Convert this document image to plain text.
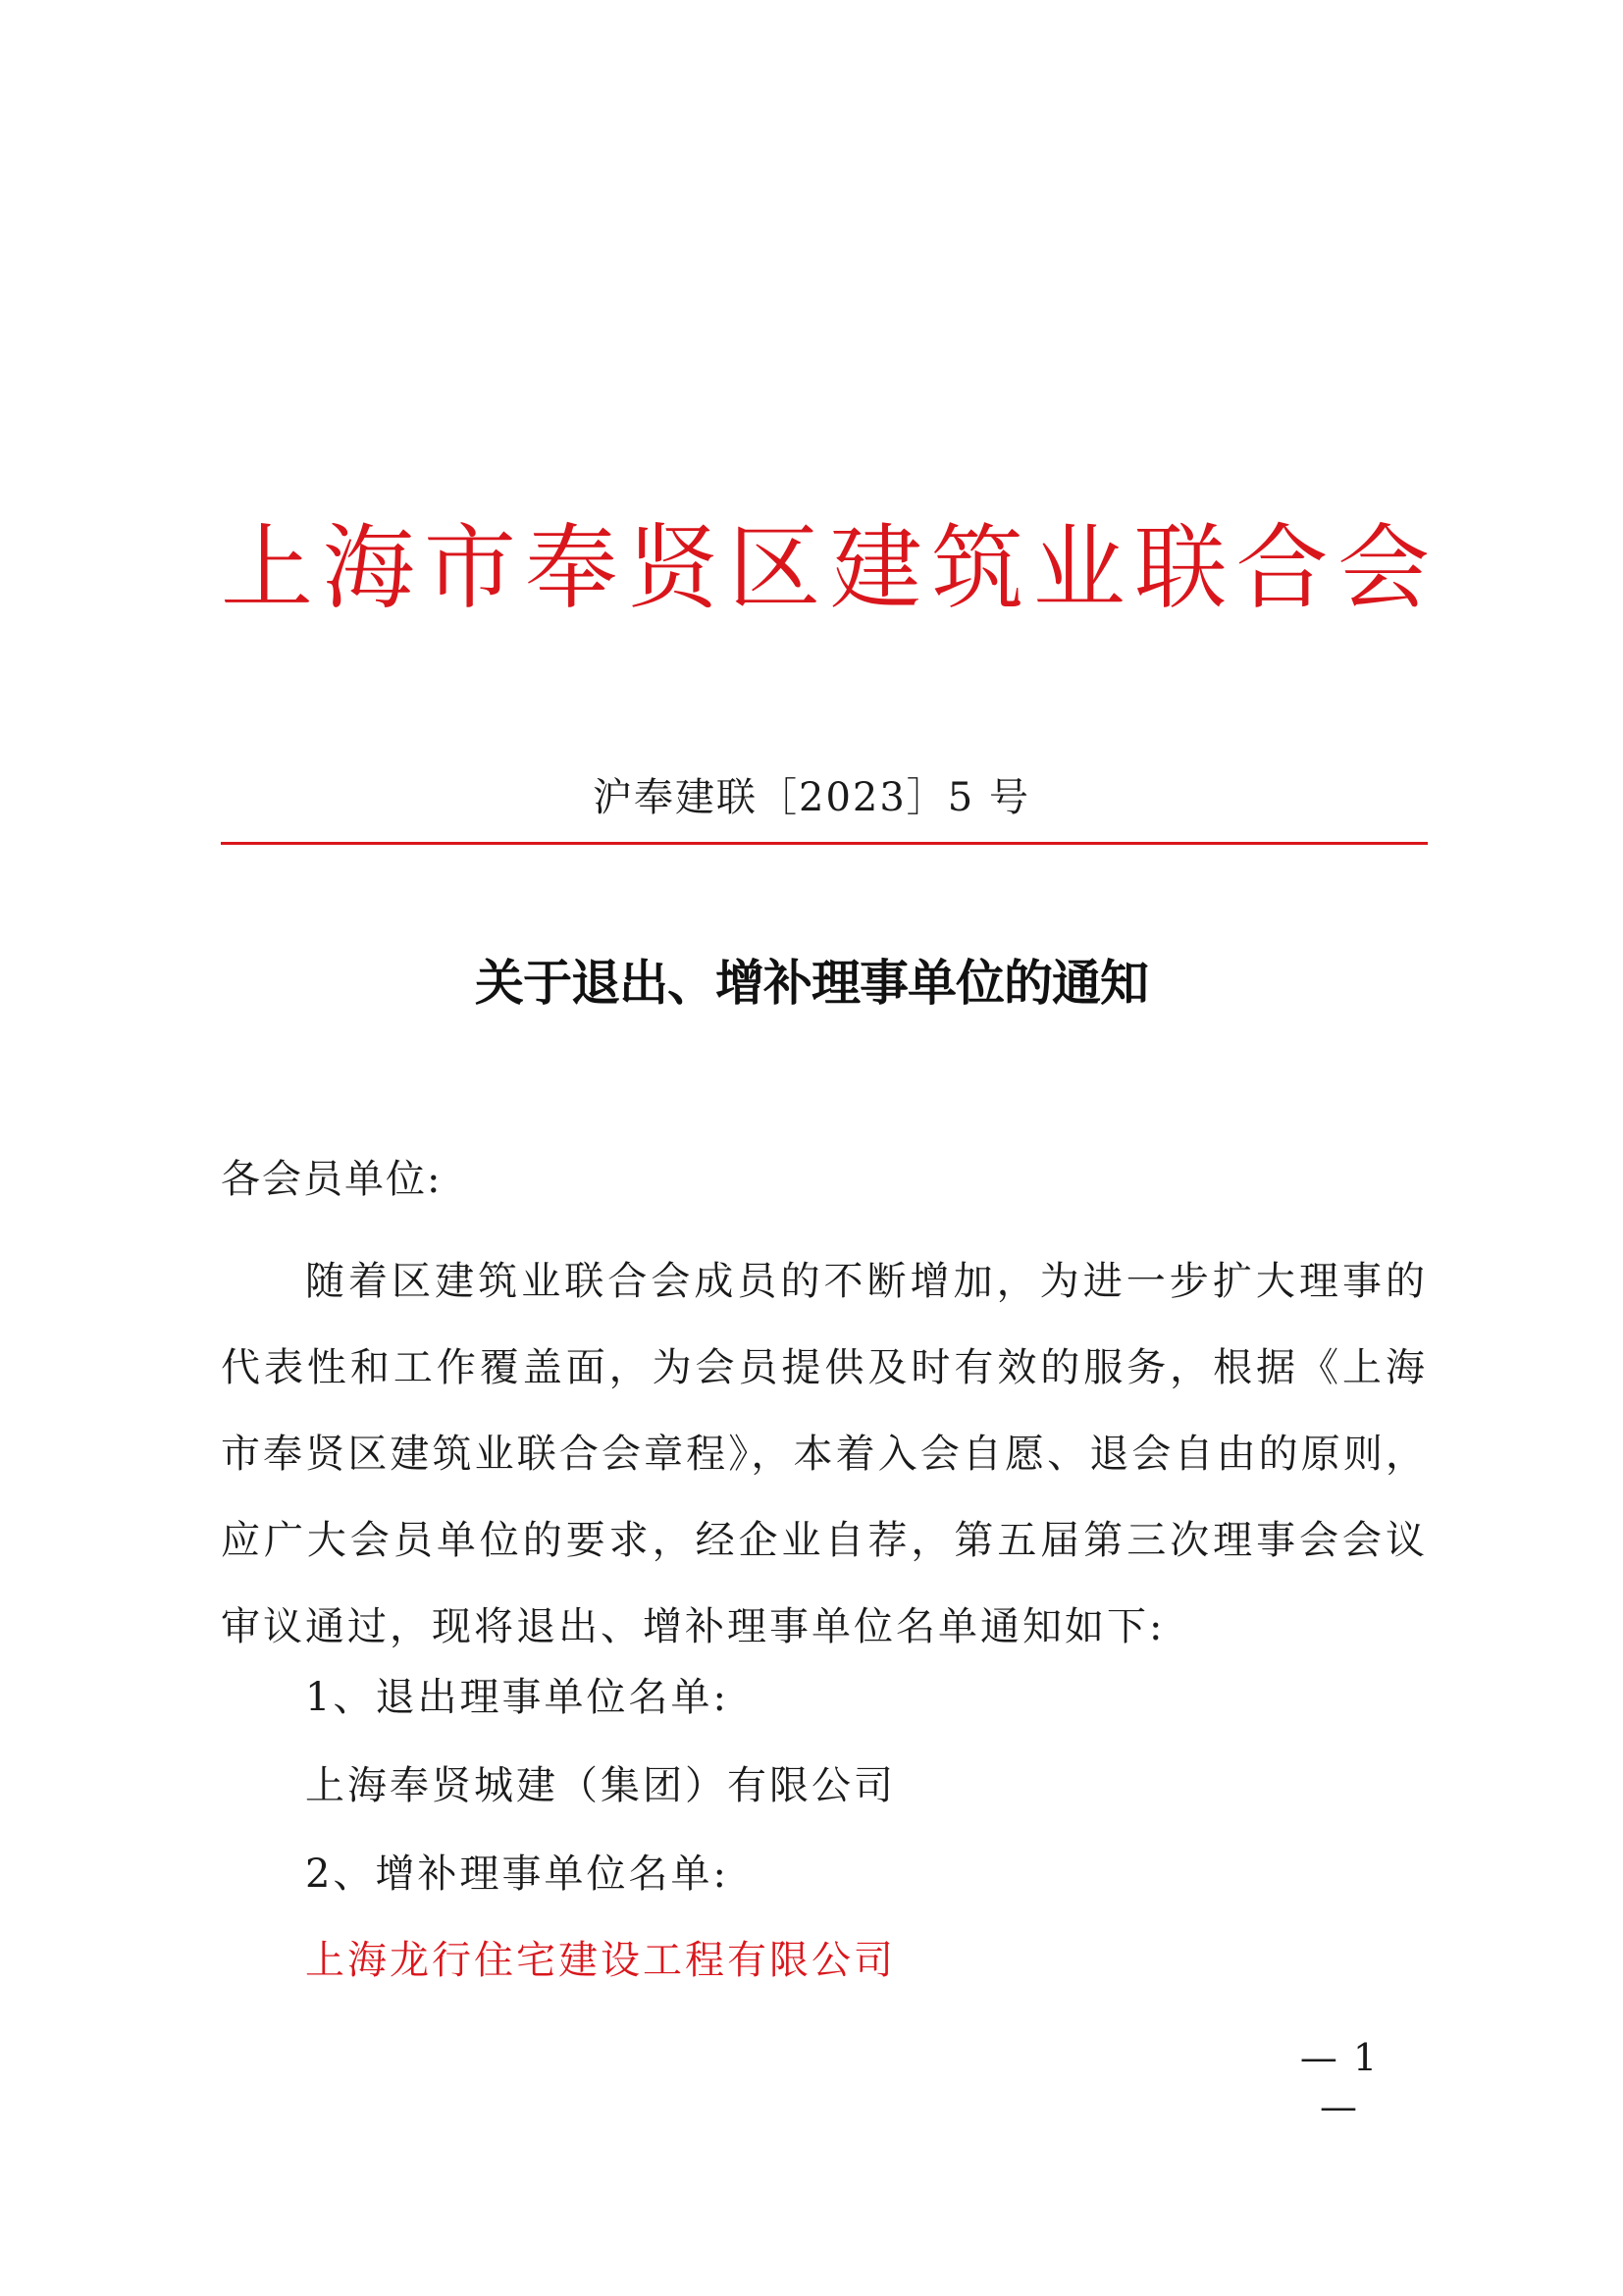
上海市奉贤区建筑业联合会
沪奉建联［2023］5 号
关于退出、增补理事单位的通知
各会员单位:

随着区建筑业联合会成员的不断增加，为进一步扩大理事的代表性和工作覆盖面，为会员提供及时有效的服务，根据《上海市奉贤区建筑业联合会章程》，本着入会自愿、退会自由的原则，应广大会员单位的要求，经企业自荐，第五届第三次理事会会议审议通过，现将退出、增补理事单位名单通知如下:

1、退出理事单位名单:
上海奉贤城建（集团）有限公司
2、增补理事单位名单:
上海龙行住宅建设工程有限公司
— 1 —
